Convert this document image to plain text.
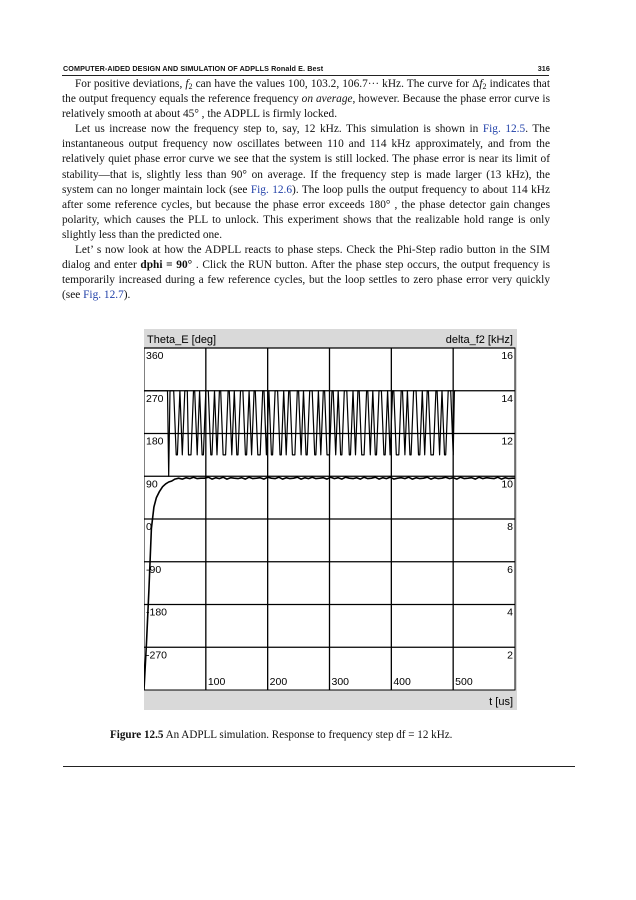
COMPUTER-AIDED DESIGN AND SIMULATION OF ADPLLS Ronald E. Best	316

For positive deviations, $f_2$ can have the values 100, 103.2, 106.7··· kHz. The curve for $\Delta f_2$ indicates that the output frequency equals the reference frequency on average, however. Because the phase error curve is relatively smooth at about 45° , the ADPLL is firmly locked.

Let us increase now the frequency step to, say, 12 kHz. This simulation is shown in Fig. 12.5. The instantaneous output frequency now oscillates between 110 and 114 kHz approximately, and from the relatively quiet phase error curve we see that the system is still locked. The phase error is near its limit of stability—that is, slightly less than 90° on average. If the frequency step is made larger (13 kHz), the system can no longer maintain lock (see Fig. 12.6). The loop pulls the output frequency to about 114 kHz after some reference cycles, but because the phase error exceeds 180° , the phase detector gain changes polarity, which causes the PLL to unlock. This experiment shows that the realizable hold range is only slightly less than the predicted one.

Let’ s now look at how the ADPLL reacts to phase steps. Check the Phi-Step radio button in the SIM dialog and enter dphi = 90° . Click the RUN button. After the phase step occurs, the output frequency is temporarily increased during a few reference cycles, but the loop settles to zero phase error very quickly (see Fig. 12.7).

360
270
180
90
0
-90
-180
-270
16
14
12
10
8
6
4
2
100	200	300	400	500
Theta_E [deg]	delta_f2 [kHz]
t [us]
Figure 12.5 An ADPLL simulation. Response to frequency step df = 12 kHz.
